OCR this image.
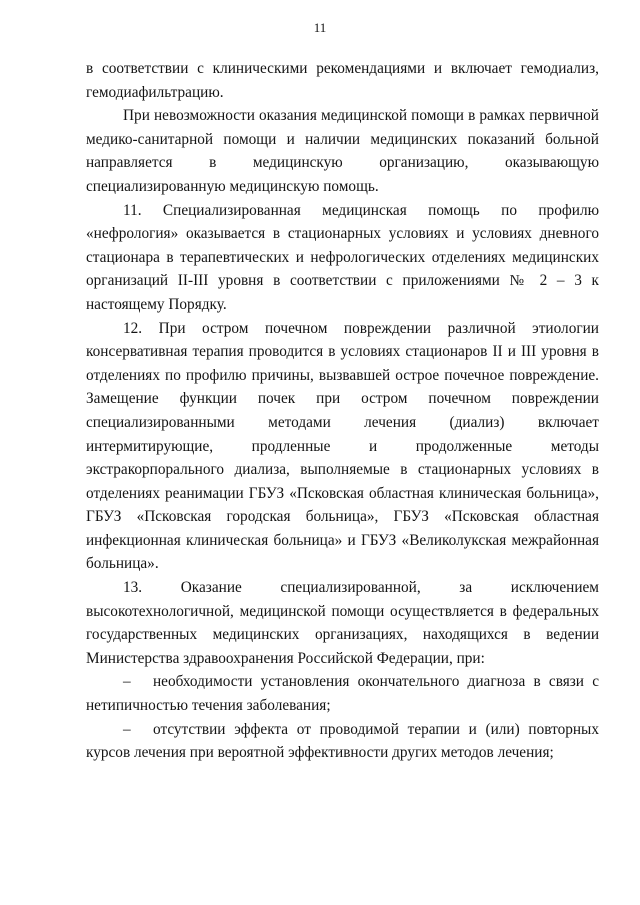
11

в соответствии с клиническими рекомендациями и включает гемодиализ, гемодиафильтрацию.

При невозможности оказания медицинской помощи в рамках первичной медико-санитарной помощи и наличии медицинских показаний больной направляется в медицинскую организацию, оказывающую специализированную медицинскую помощь.

11. Специализированная медицинская помощь по профилю «нефрология» оказывается в стационарных условиях и условиях дневного стационара в терапевтических и нефрологических отделениях медицинских организаций II-III уровня в соответствии с приложениями № 2 – 3 к настоящему Порядку.

12. При остром почечном повреждении различной этиологии консервативная терапия проводится в условиях стационаров II и III уровня в отделениях по профилю причины, вызвавшей острое почечное повреждение. Замещение функции почек при остром почечном повреждении специализированными методами лечения (диализ) включает интермитирующие, продленные и продолженные методы экстракорпорального диализа, выполняемые в стационарных условиях в отделениях реанимации ГБУЗ «Псковская областная клиническая больница», ГБУЗ «Псковская городская больница», ГБУЗ «Псковская областная инфекционная клиническая больница» и ГБУЗ «Великолукская межрайонная больница».

13. Оказание специализированной, за исключением высокотехнологичной, медицинской помощи осуществляется в федеральных государственных медицинских организациях, находящихся в ведении Министерства здравоохранения Российской Федерации, при:

– необходимости установления окончательного диагноза в связи с нетипичностью течения заболевания;

– отсутствии эффекта от проводимой терапии и (или) повторных курсов лечения при вероятной эффективности других методов лечения;
